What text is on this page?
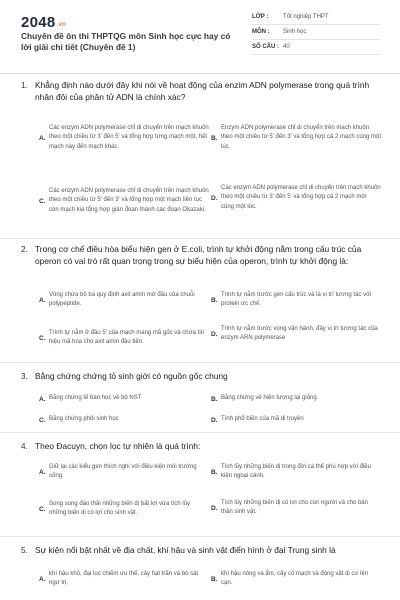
2048.vn
Chuyên đề ôn thi THPTQG môn Sinh học cực hay có lời giải chi tiết (Chuyên đề 1)
LỚP :	Tốt nghiệp THPT
MÔN :	Sinh học
SỐ CÂU : 40
1. Khẳng định nào dưới đây khi nói về hoạt động của enzim ADN polymerase trong quá trình nhân đôi của phân tử ADN là chính xác?
A.
Các enzym ADN polymerase chỉ di chuyển trên mạch khuôn theo một chiều từ 3' đến 5' và tổng hợp từng mạch một, hết mạch này đến mạch khác.
B.
Enzym ADN polymerase chỉ di chuyển trên mạch khuôn theo một chiều từ 5' đến 3' và tổng hợp cả 2 mạch cùng một lúc.
C.
Các enzym ADN polymerase chỉ di chuyển trên mạch khuôn theo một chiều từ 5' đến 3' và tổng hợp một mạch liên tục còn mạch kia tổng hợp gián đoạn thành các đoạn Okazaki.
D.
Các enzym ADN polymerase chỉ di chuyển trên mạch khuôn theo một chiều từ 3' đến 5' và tổng hợp cả 2 mạch mới cùng một lúc.
2. Trong cơ chế điều hòa biểu hiện gen ở E.coli, trình tự khởi động nằm trong cấu trúc của operon có vai trò rất quan trọng trong sự biểu hiện của operon, trình tự khởi động là:
A.
Vùng chứa bộ ba quy định axit amin mở đầu của chuỗi polypeptide.
B.
Trình tự nằm trước gen cấu trúc và là vị trí tương tác với protein ức chế.
C.
Trình tự nằm ở đầu 5' của mạch mang mã gốc và chứa tín hiệu mã hóa cho axit amin đầu tiên.
D.
Trình tự nằm trước vùng vận hành, đây vị trí tương tác của enzym ARN polymerase
3. Bằng chứng chứng tỏ sinh giới có nguồn gốc chung
A. Bằng chứng tế bào học về bộ NST	B. Bằng chứng về hiện tượng lại giống
C. Bằng chứng phôi sinh học	D. Tính phổ biến của mã di truyền
4. Theo Đacuyn, chọn lọc tự nhiên là quá trình:
A.
Giữ lại các kiểu gen thích nghi với điều kiện môi trường sống.
B.
Tích lũy những biến dị trong đời cá thể phù hợp với điều kiện ngoại cảnh.
C.
Song song đào thải những biến dị bất lợi vừa tích lũy những biến dị có lợi cho sinh vật.
D.
Tích lũy những biến dị có lợi cho con người và cho bản thân sinh vật.
5. Sự kiện nổi bật nhất về địa chất, khí hậu và sinh vật điển hình ở đại Trung sinh là
A.
khí hậu khô, đại lục chiếm ưu thế, cây hạt trần và bò sát ngự trị.
B.
khí hậu nóng và ẩm, cây có mạch và động vật di cư lên cạn.
